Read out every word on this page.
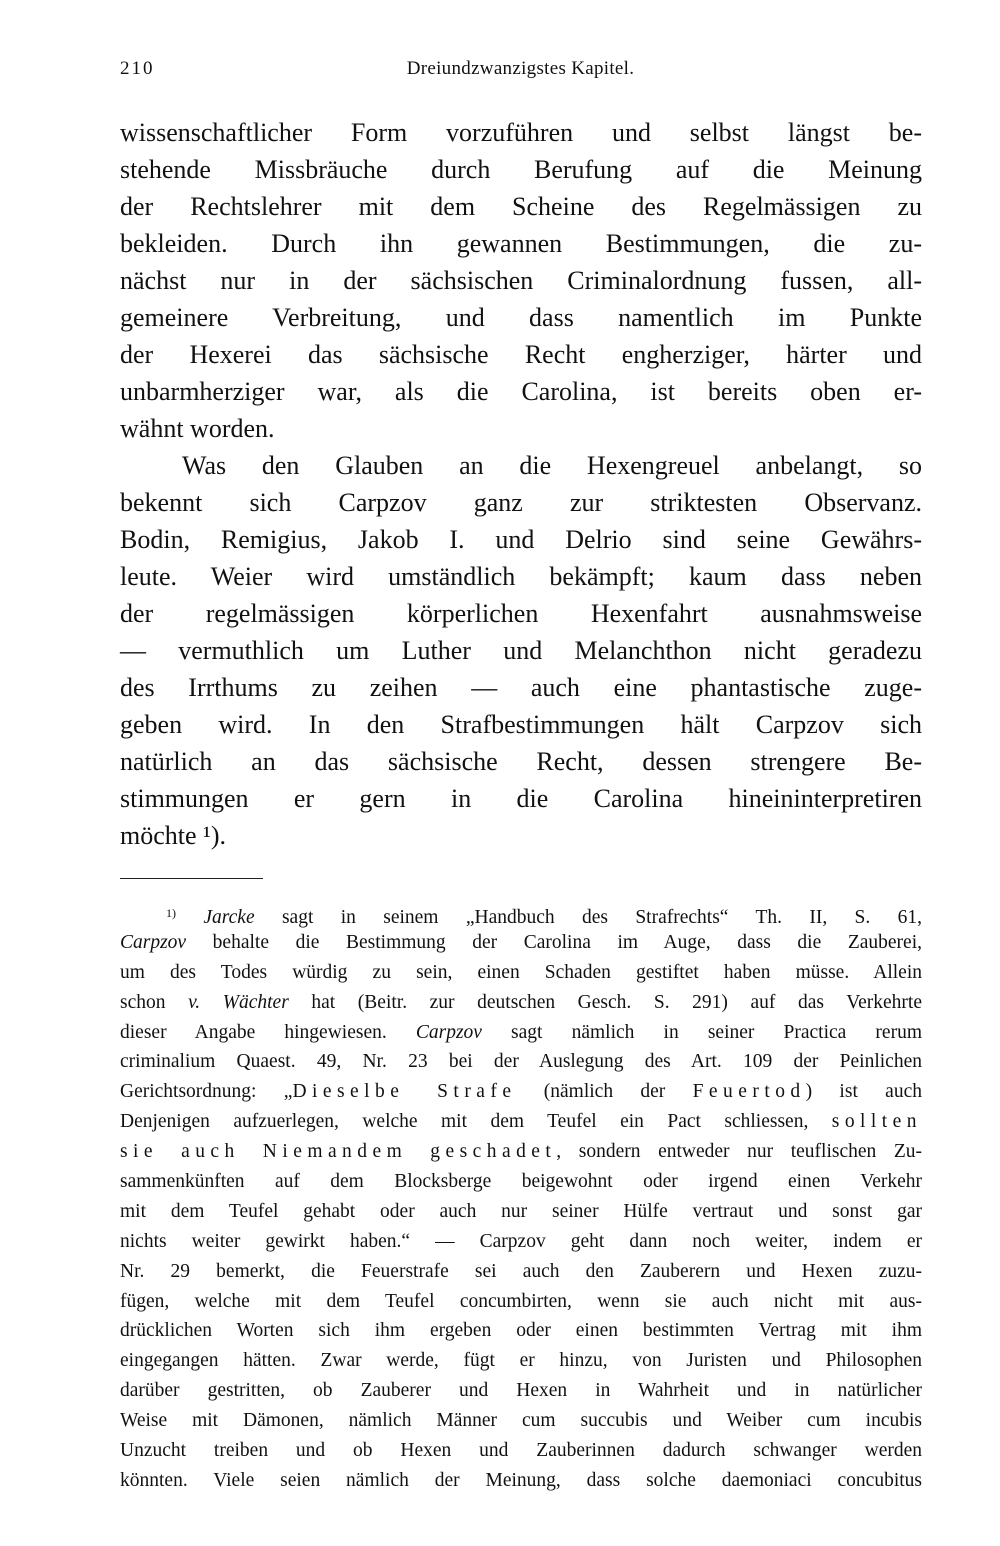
210	Dreiundzwanzigstes Kapitel.
wissenschaftlicher Form vorzuführen und selbst längst be-
stehende Missbräuche durch Berufung auf die Meinung
der Rechtslehrer mit dem Scheine des Regelmässigen zu
bekleiden. Durch ihn gewannen Bestimmungen, die zu-
nächst nur in der sächsischen Criminalordnung fussen, all-
gemeinere Verbreitung, und dass namentlich im Punkte
der Hexerei das sächsische Recht engherziger, härter und
unbarmherziger war, als die Carolina, ist bereits oben er-
wähnt worden.
Was den Glauben an die Hexengreuel anbelangt, so
bekennt sich Carpzov ganz zur striktesten Observanz.
Bodin, Remigius, Jakob I. und Delrio sind seine Gewährs-
leute. Weier wird umständlich bekämpft; kaum dass neben
der regelmässigen körperlichen Hexenfahrt ausnahmsweise
— vermuthlich um Luther und Melanchthon nicht geradezu
des Irrthums zu zeihen — auch eine phantastische zuge-
geben wird. In den Strafbestimmungen hält Carpzov sich
natürlich an das sächsische Recht, dessen strengere Be-
stimmungen er gern in die Carolina hineininterpretiren
möchte ¹).
$^{1)}$ Jarcke sagt in seinem „Handbuch des Strafrechts“ Th. II, S. 61,
Carpzov behalte die Bestimmung der Carolina im Auge, dass die Zauberei,
um des Todes würdig zu sein, einen Schaden gestiftet haben müsse. Allein
schon v. Wächter hat (Beitr. zur deutschen Gesch. S. 291) auf das Verkehrte
dieser Angabe hingewiesen. Carpzov sagt nämlich in seiner Practica rerum
criminalium Quaest. 49, Nr. 23 bei der Auslegung des Art. 109 der Peinlichen
Gerichtsordnung: „Dieselbe Strafe (nämlich der Feuertod) ist auch
Denjenigen aufzuerlegen, welche mit dem Teufel ein Pact schliessen, sollten
sie auch Niemandem geschadet, sondern entweder nur teuflischen Zu-
sammenkünften auf dem Blocksberge beigewohnt oder irgend einen Verkehr
mit dem Teufel gehabt oder auch nur seiner Hülfe vertraut und sonst gar
nichts weiter gewirkt haben.“ — Carpzov geht dann noch weiter, indem er
Nr. 29 bemerkt, die Feuerstrafe sei auch den Zauberern und Hexen zuzu-
fügen, welche mit dem Teufel concumbirten, wenn sie auch nicht mit aus-
drücklichen Worten sich ihm ergeben oder einen bestimmten Vertrag mit ihm
eingegangen hätten. Zwar werde, fügt er hinzu, von Juristen und Philosophen
darüber gestritten, ob Zauberer und Hexen in Wahrheit und in natürlicher
Weise mit Dämonen, nämlich Männer cum succubis und Weiber cum incubis
Unzucht treiben und ob Hexen und Zauberinnen dadurch schwanger werden
könnten. Viele seien nämlich der Meinung, dass solche daemoniaci concubitus
